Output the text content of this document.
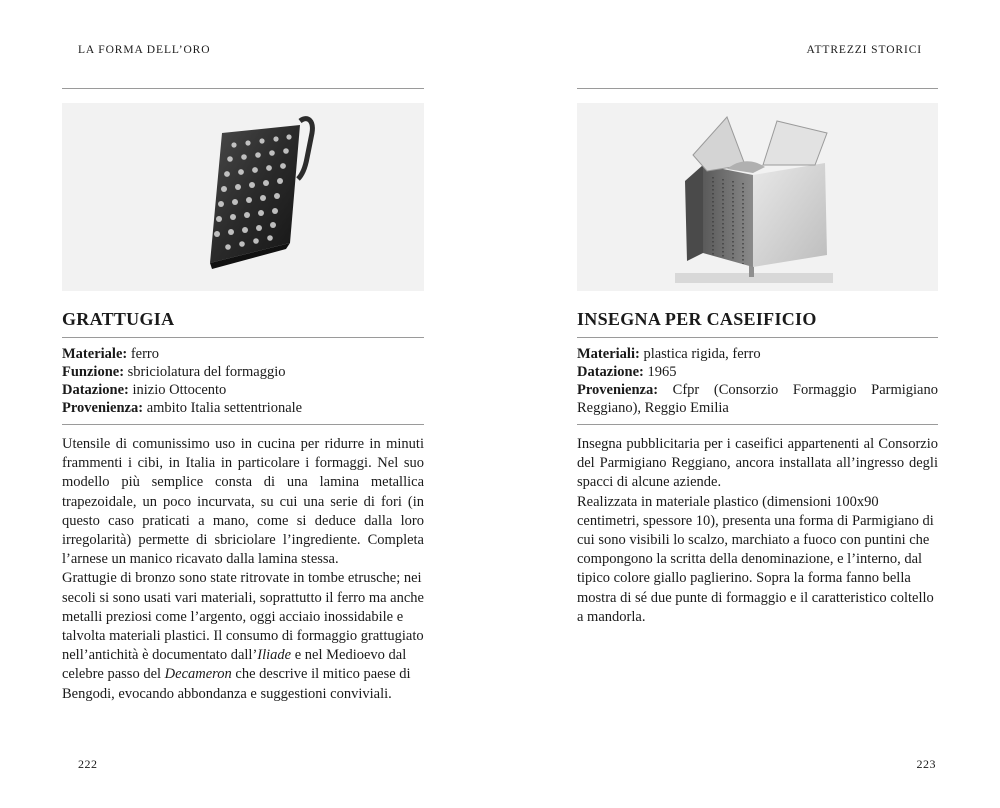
LA FORMA DELL’ORO
GRATTUGIA
Materiale: ferro
Funzione: sbriciolatura del formaggio
Datazione: inizio Ottocento
Provenienza: ambito Italia settentrionale

Utensile di comunissimo uso in cucina per ridurre in minuti frammenti i cibi, in Italia in particolare i formaggi. Nel suo modello più semplice consta di una lamina metallica trapezoidale, un poco incurvata, su cui una serie di fori (in questo caso praticati a mano, come si deduce dalla loro irregolarità) permette di sbriciolare l’ingrediente. Completa l’arnese un manico ricavato dalla lamina stessa.

Grattugie di bronzo sono state ritrovate in tombe etrusche; nei secoli si sono usati vari materiali, soprattutto il ferro ma anche metalli preziosi come l’argento, oggi acciaio inossidabile e talvolta materiali plastici. Il consumo di formaggio grattugiato nell’antichità è documentato dall’Iliade e nel Medioevo dal celebre passo del Decameron che descrive il mitico paese di Bengodi, evocando abbondanza e suggestioni conviviali.

222
ATTREZZI STORICI
INSEGNA PER CASEIFICIO
Materiali: plastica rigida, ferro
Datazione: 1965
Provenienza: Cfpr (Consorzio Formaggio Parmigiano Reggiano), Reggio Emilia

Insegna pubblicitaria per i caseifici appartenenti al Consorzio del Parmigiano Reggiano, ancora installata all’ingresso degli spacci di alcune aziende.

Realizzata in materiale plastico (dimensioni 100x90 centimetri, spessore 10), presenta una forma di Parmigiano di cui sono visibili lo scalzo, marchiato a fuoco con puntini che compongono la scritta della denominazione, e l’interno, dal tipico colore giallo paglierino. Sopra la forma fanno bella mostra di sé due punte di formaggio e il caratteristico coltello a mandorla.

223
